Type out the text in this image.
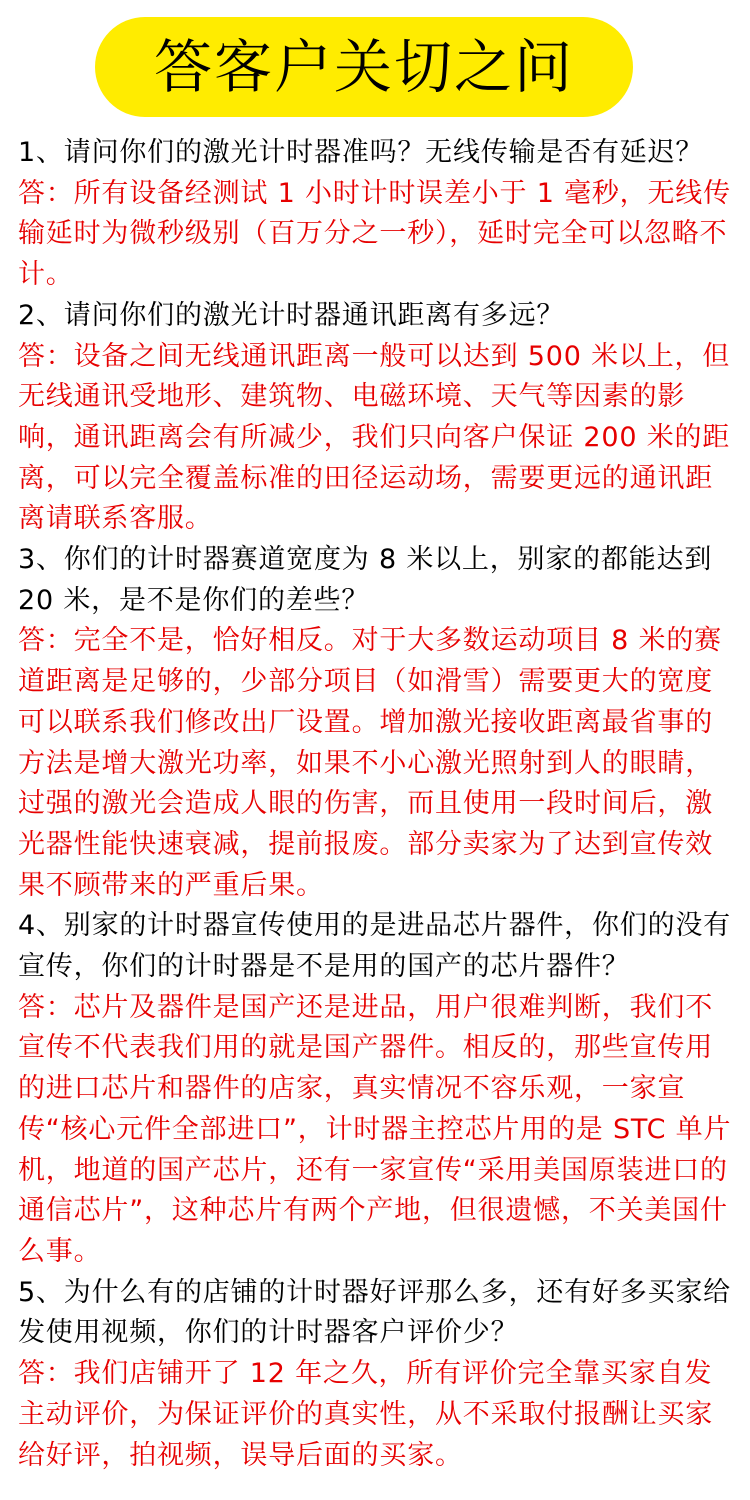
答客户关切之问

1、请问你们的激光计时器准吗？无线传输是否有延迟？

答：所有设备经测试 1 小时计时误差小于 1 毫秒，无线传输延时为微秒级别（百万分之一秒），延时完全可以忽略不计。

2、请问你们的激光计时器通讯距离有多远？

答：设备之间无线通讯距离一般可以达到 500 米以上，但无线通讯受地形、建筑物、电磁环境、天气等因素的影响，通讯距离会有所减少，我们只向客户保证 200 米的距离，可以完全覆盖标准的田径运动场，需要更远的通讯距离请联系客服。

3、你们的计时器赛道宽度为 8 米以上，别家的都能达到 20 米，是不是你们的差些？

答：完全不是，恰好相反。对于大多数运动项目 8 米的赛道距离是足够的，少部分项目（如滑雪）需要更大的宽度可以联系我们修改出厂设置。增加激光接收距离最省事的方法是增大激光功率，如果不小心激光照射到人的眼睛，过强的激光会造成人眼的伤害，而且使用一段时间后，激光器性能快速衰减，提前报废。部分卖家为了达到宣传效果不顾带来的严重后果。

4、别家的计时器宣传使用的是进品芯片器件，你们的没有宣传，你们的计时器是不是用的国产的芯片器件？

答：芯片及器件是国产还是进品，用户很难判断，我们不宣传不代表我们用的就是国产器件。相反的，那些宣传用的进口芯片和器件的店家，真实情况不容乐观，一家宣传“核心元件全部进口”，计时器主控芯片用的是 STC 单片机，地道的国产芯片，还有一家宣传“采用美国原装进口的通信芯片”，这种芯片有两个产地，但很遗憾，不关美国什么事。

5、为什么有的店铺的计时器好评那么多，还有好多买家给发使用视频，你们的计时器客户评价少？

答：我们店铺开了 12 年之久，所有评价完全靠买家自发主动评价，为保证评价的真实性，从不采取付报酬让买家给好评，拍视频，误导后面的买家。
